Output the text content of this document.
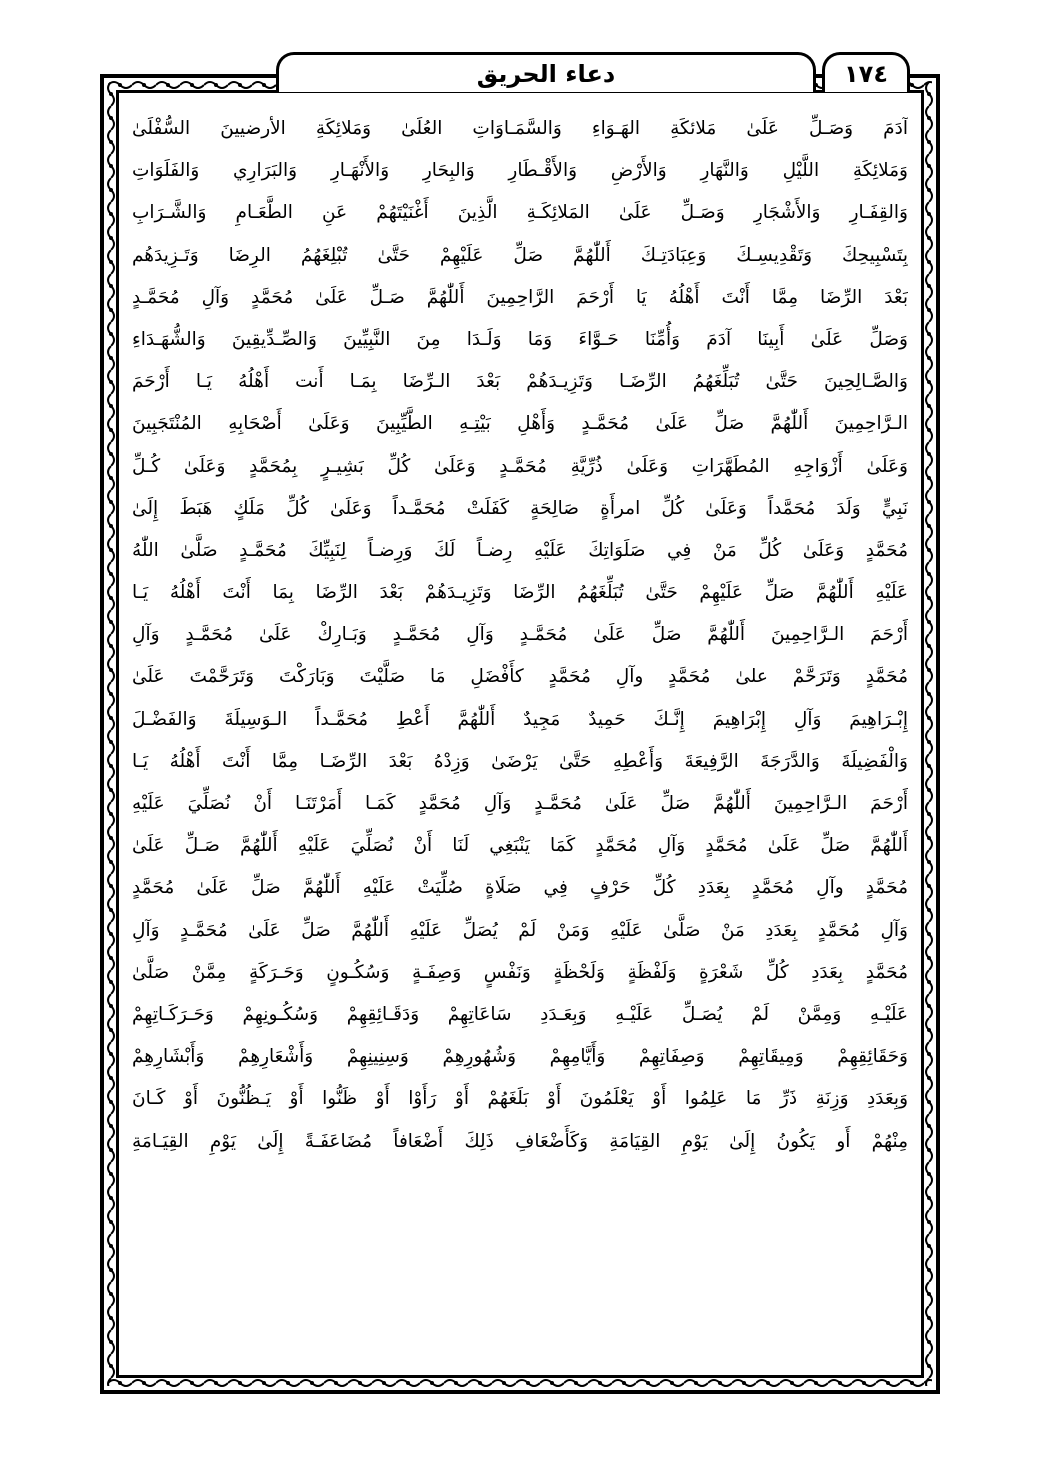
دعاء الحريق	١٧٤
آدَمَ وَصَـلِّ عَلَىٰ مَلائكَةِ الهَـوَاءِ وَالسَّمَـاوَاتِ العُلَىٰ وَمَلائِكَةِ الأرضيينَ السُّفْلَىٰ
وَمَلائِكَةِ اللَّيْلِ وَالنَّهَارِ وَالأَرْضِ وَالأَقْـطَارِ وَالبِحَارِ وَالأَنْهَـارِ وَالبَرَارِي وَالفَلَوَاتِ
وَالقِفَـارِ وَالأَشْجَارِ وَصَـلِّ عَلَىٰ المَلائِكَـةِ الَّذِينَ أَغْنَيْتَهُمْ عَنِ الطَّعَـامِ وَالشَّـرَابِ
بِتَسْبِيحِكَ وَتَقْدِيسِـكَ وَعِبَادَتِـكَ أَللّٰهُمَّ صَلِّ عَلَيْهِمْ حَتَّىٰ تُبْلِغَهُمُ الرِضَا وَتَـزِيدَهُم
بَعْدَ الرِّضَا مِمَّا أَنْتَ أَهْلُهُ يَا أَرْحَمَ الرَّاحِمِينَ أَللّٰهُمَّ صَـلِّ عَلَىٰ مُحَمَّدٍ وَآلِ مُحَمَّـدٍ
وَصَلِّ عَلَىٰ أَبِينَا آدَمَ وَأُمِّنَا حَـوَّاءَ وَمَا وَلَـدَا مِنَ النَّبِيِّينَ وَالصِّـدِّيقِينَ وَالشُّهَـدَاءِ
وَالصَّـالِحِينَ حَتَّىٰ تُبَلِّغَهُمُ الرِّضَـا وَتَزِيـدَهُمْ بَعْدَ الـرِّضَا بِمَـا أَنت أَهْلُهُ يَـا أَرْحَمَ
الـرَّاحِمِينَ أَللّٰهُمَّ صَلِّ عَلَىٰ مُحَمَّـدٍ وَأَهْلِ بَيْتِـهِ الطَّيِّبِينَ وَعَلَىٰ أَصْحَابِهِ المُنْتَجَبِينَ
وَعَلَىٰ أَزْوَاجِهِ المُطَهَّرَاتِ وَعَلَىٰ ذُرِّيَّةِ مُحَمَّـدٍ وَعَلَىٰ كُلِّ بَشِيـرٍ بِمُحَمَّدٍ وَعَلَىٰ كُـلِّ
نَبِيٍّ وَلَدَ مُحَمَّداً وَعَلَىٰ كُلِّ امرأَةٍ صَالِحَةٍ كَفَلَتْ مُحَمَّـداً وَعَلَىٰ كُلِّ مَلَكٍ هَبَطَ إِلَىٰ
مُحَمَّدٍ وَعَلَىٰ كُلِّ مَنْ فِي صَلَوَاتِكَ عَلَيْهِ رِضـاً لَكَ وَرِضـاً لِنَبِيِّكَ مُحَمَّـدٍ صَلَّىٰ اللّٰهُ
عَلَيْهِ أَللّٰهُمَّ صَلِّ عَلَيْهِمْ حَتَّىٰ تُبَلِّغَهُمُ الرِّضَا وَتَزِيـدَهُمْ بَعْدَ الرِّضَا بِمَا أَنْتَ أَهْلُهُ يَـا
أَرْحَمَ الـرَّاحِمِينَ أَللّٰهُمَّ صَلِّ عَلَىٰ مُحَمَّـدٍ وَآلِ مُحَمَّـدٍ وَبَـارِكْ عَلَىٰ مُحَمَّـدٍ وَآلِ
مُحَمَّدٍ وَتَرَحَّمْ علىٰ مُحَمَّدٍ وآلِ مُحَمَّدٍ كأَفْضَلِ مَا صَلَّيْتَ وَبَارَكْتَ وَتَرَحَّمْتَ عَلَىٰ
إِبْـرَاهِيمَ وَآلِ إِبْرَاهِيمَ إِنَّـكَ حَمِيدٌ مَجِيدٌ أَللّٰهُمَّ أَعْطِ مُحَمَّـداً الـوَسِيلَةَ وَالفَضْـلَ
وَالْفَضِيلَةَ وَالدَّرَجَةَ الرَّفِيعَةَ وَأَعْطِهِ حَتَّىٰ يَرْضَىٰ وَزِدْهُ بَعْدَ الرِّضَـا مِمَّا أَنْتَ أَهْلُهُ يَـا
أَرْحَمَ الـرَّاحِمِينَ أَللّٰهُمَّ صَلِّ عَلَىٰ مُحَمَّـدٍ وَآلِ مُحَمَّدٍ كَمَـا أَمَرْتَنَـا أَنْ نُصَلِّيَ عَلَيْهِ
أَللّٰهُمَّ صَلِّ عَلَىٰ مُحَمَّدٍ وَآلِ مُحَمَّدٍ كَمَا يَنْبَغِي لَنَا أَنْ نُصَلِّيَ عَلَيْهِ أَللّٰهُمَّ صَـلِّ عَلَىٰ
مُحَمَّدٍ وآلِ مُحَمَّدٍ بِعَدَدِ كُلِّ حَرْفٍ فِي صَلَاةٍ صُلِّيَتْ عَلَيْهِ أَللّٰهُمَّ صَلِّ عَلَىٰ مُحَمَّدٍ
وَآلِ مُحَمَّدٍ بِعَدَدِ مَنْ صَلَّىٰ عَلَيْهِ وَمَنْ لَمْ يُصَلِّ عَلَيْهِ أَللّٰهُمَّ صَلِّ عَلَىٰ مُحَمَّـدٍ وَآلِ
مُحَمَّدٍ بِعَدَدِ كُلِّ شَعْرَةٍ وَلَفْظَةٍ وَلَحْظَةٍ وَنَفْسٍ وَصِفَـةٍ وَسُكُـونٍ وَحَـرَكَةٍ مِمَّنْ صَلَّىٰ
عَلَيْـهِ وَمِمَّنْ لَمْ يُصَـلِّ عَلَيْـهِ وَبِعَـدَدِ سَاعَاتِهِمْ وَدَقَـائِقِهِمْ وَسُكُـونِهِمْ وَحَـرَكَـاتِهِمْ
وَحَقَائِقِهِمْ وَمِيقَاتِهِمْ وَصِفَاتِهِمْ وَأَيَّامِهِمْ وَشُهُورِهِمْ وَسِنِينِهِمْ وَأَشْعَارِهِمْ وَأَبْشَارِهِمْ
وَبِعَدَدِ وَزِنَةِ ذَرِّ مَا عَلِمُوا أَوْ يَعْلَمُونَ أَوْ بَلَغَهُمْ أَوْ رَأَوْا أَوْ ظَنُّوا أَوْ يَـظُنُّونَ أَوْ كَـانَ
مِنْهُمْ أَو يَكُونُ إِلَىٰ يَوْمِ القِيَامَةِ وَكَأَضْعَافِ ذَلِكَ أَضْعَافاً مُضَاعَفَـةً إِلَىٰ يَوْمِ القِيَـامَةِ
